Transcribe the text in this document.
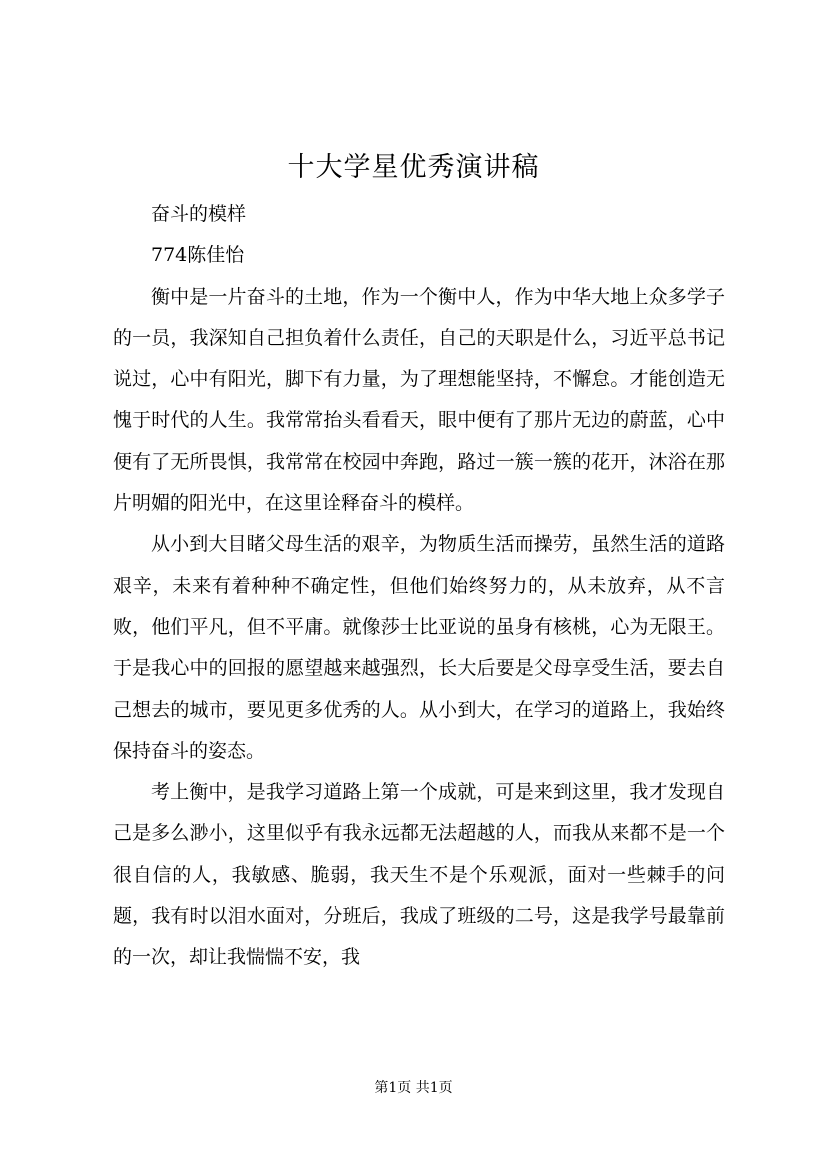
十大学星优秀演讲稿

奋斗的模样

774陈佳怡

衡中是一片奋斗的土地，作为一个衡中人，作为中华大地上众多学子的一员，我深知自己担负着什么责任，自己的天职是什么，习近平总书记说过，心中有阳光，脚下有力量，为了理想能坚持，不懈怠。才能创造无愧于时代的人生。我常常抬头看看天，眼中便有了那片无边的蔚蓝，心中便有了无所畏惧，我常常在校园中奔跑，路过一簇一簇的花开，沐浴在那片明媚的阳光中，在这里诠释奋斗的模样。

从小到大目睹父母生活的艰辛，为物质生活而操劳，虽然生活的道路艰辛，未来有着种种不确定性，但他们始终努力的，从未放弃，从不言败，他们平凡，但不平庸。就像莎士比亚说的虽身有核桃，心为无限王。于是我心中的回报的愿望越来越强烈，长大后要是父母享受生活，要去自己想去的城市，要见更多优秀的人。从小到大，在学习的道路上，我始终保持奋斗的姿态。

考上衡中，是我学习道路上第一个成就，可是来到这里，我才发现自己是多么渺小，这里似乎有我永远都无法超越的人，而我从来都不是一个很自信的人，我敏感、脆弱，我天生不是个乐观派，面对一些棘手的问题，我有时以泪水面对，分班后，我成了班级的二号，这是我学号最靠前的一次，却让我惴惴不安，我

第1页 共1页
